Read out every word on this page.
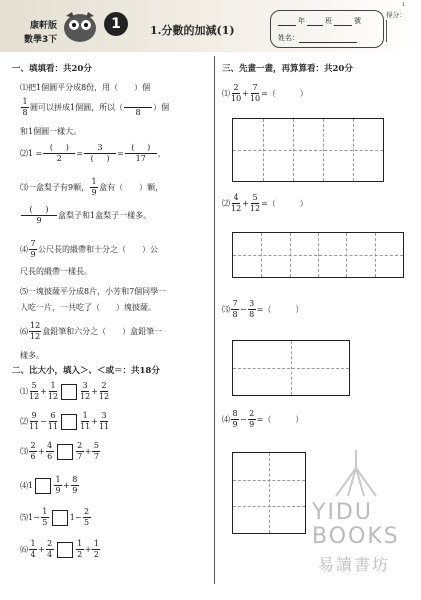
康軒版
數學3下
1	1.分數的加減(1)
年	班	號
姓名：
得分：
1
一、填填看：共20分
⑴把1個圓平分成8份，用（　　）個
1
8
圓可以拼成1個圓，所以（

8
）個
和1個圓一樣大。
⑵1 =
(     )
2
=
3
(     )
=
(     )
17
，
⑶一盒梨子有9顆，
1
9
盒有（　　）顆，
(     )
9
盒梨子和1盒梨子一樣多。
⑷
7
9
公尺長的緞帶和十分之（　　）公
尺長的緞帶一樣長。
⑸一塊披薩平分成8片，小芳和7個同學一
人吃一片，一共吃了（　　）塊披薩。
⑹
12
12
盒鉛筆和六分之（　　）盒鉛筆一
樣多。
二、比大小，填入＞、＜或＝：共18分
⑴
5
12
+ $\frac{1}{12}$	3
12
+ $\frac{2}{12}$
⑵
9
11
− $\frac{6}{11}$	1
11
+ $\frac{3}{11}$
⑶
2
6
+ $\frac{4}{6}$	2
7
+ $\frac{5}{7}$
⑷ 1
1
9
+ $\frac{8}{9}$
⑸ $1 - \frac{1}{5}$	$1 - \frac{2}{5}$
⑹
1
4
+ $\frac{2}{4}$	1
2
+ $\frac{1}{2}$
三、先畫一畫，再算算看：共20分
⑴
2
10
+ $\frac{7}{10}$ =（　　　）
⑵
4
12
+ $\frac{5}{12}$ =（　　　）
⑶
7
8
− $\frac{3}{8}$ =（　　　）
⑷
8
9
− $\frac{2}{9}$ =（　　　）
YIDU
BOOKS
易讀書坊
